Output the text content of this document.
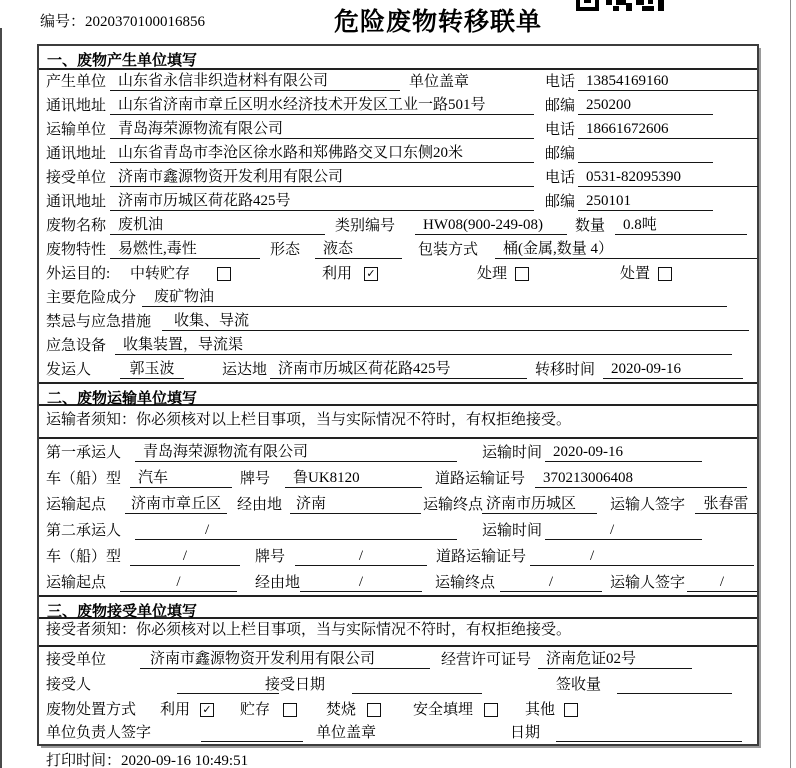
编号：2020370100016856	危险废物转移联单
一、废物产生单位填写
产生单位 山东省永信非织造材料有限公司	单位盖章	电话 13854169160
通讯地址 山东省济南市章丘区明水经济技术开发区工业一路501号	邮编 250200
运输单位 青岛海荣源物流有限公司	电话 18661672606
通讯地址 山东省青岛市李沧区徐水路和郑佛路交叉口东侧20米	邮编
接受单位 济南市鑫源物资开发利用有限公司	电话 0531-82095390
通讯地址 济南市历城区荷花路425号	邮编 250101
废物名称 废机油	类别编号	HW08(900-249-08)	数量	0.8吨
废物特性 易燃性,毒性	形态	液态	包装方式	桶(金属,数量 4）
外运目的: 中转贮存	利用 ✓	处理	处置
主要危险成分	废矿物油
禁忌与应急措施	收集、导流
应急设备	收集装置，导流渠
发运人	郭玉波	运达地 济南市历城区荷花路425号	转移时间	2020-09-16
二、废物运输单位填写
运输者须知：你必须核对以上栏目事项，当与实际情况不符时，有权拒绝接受。
第一承运人	青岛海荣源物流有限公司	运输时间 2020-09-16
车（船）型	汽车	牌号	鲁UK8120	道路运输证号	370213006408
运输起点	济南市章丘区	经由地 济南	运输终点 济南市历城区	运输人签字	张春雷
第二承运人	/	运输时间	/
车（船）型	/	牌号	/	道路运输证号	/
运输起点	/	经由地	/	运输终点	/	运输人签字	/
三、废物接受单位填写
接受者须知：你必须核对以上栏目事项，当与实际情况不符时，有权拒绝接受。
接受单位	济南市鑫源物资开发利用有限公司	经营许可证号 济南危证02号
接受人	接受日期	签收量
废物处置方式 利用 ✓ 贮存	焚烧	安全填埋	其他
单位负责人签字	单位盖章	日期
打印时间：2020-09-16 10:49:51
